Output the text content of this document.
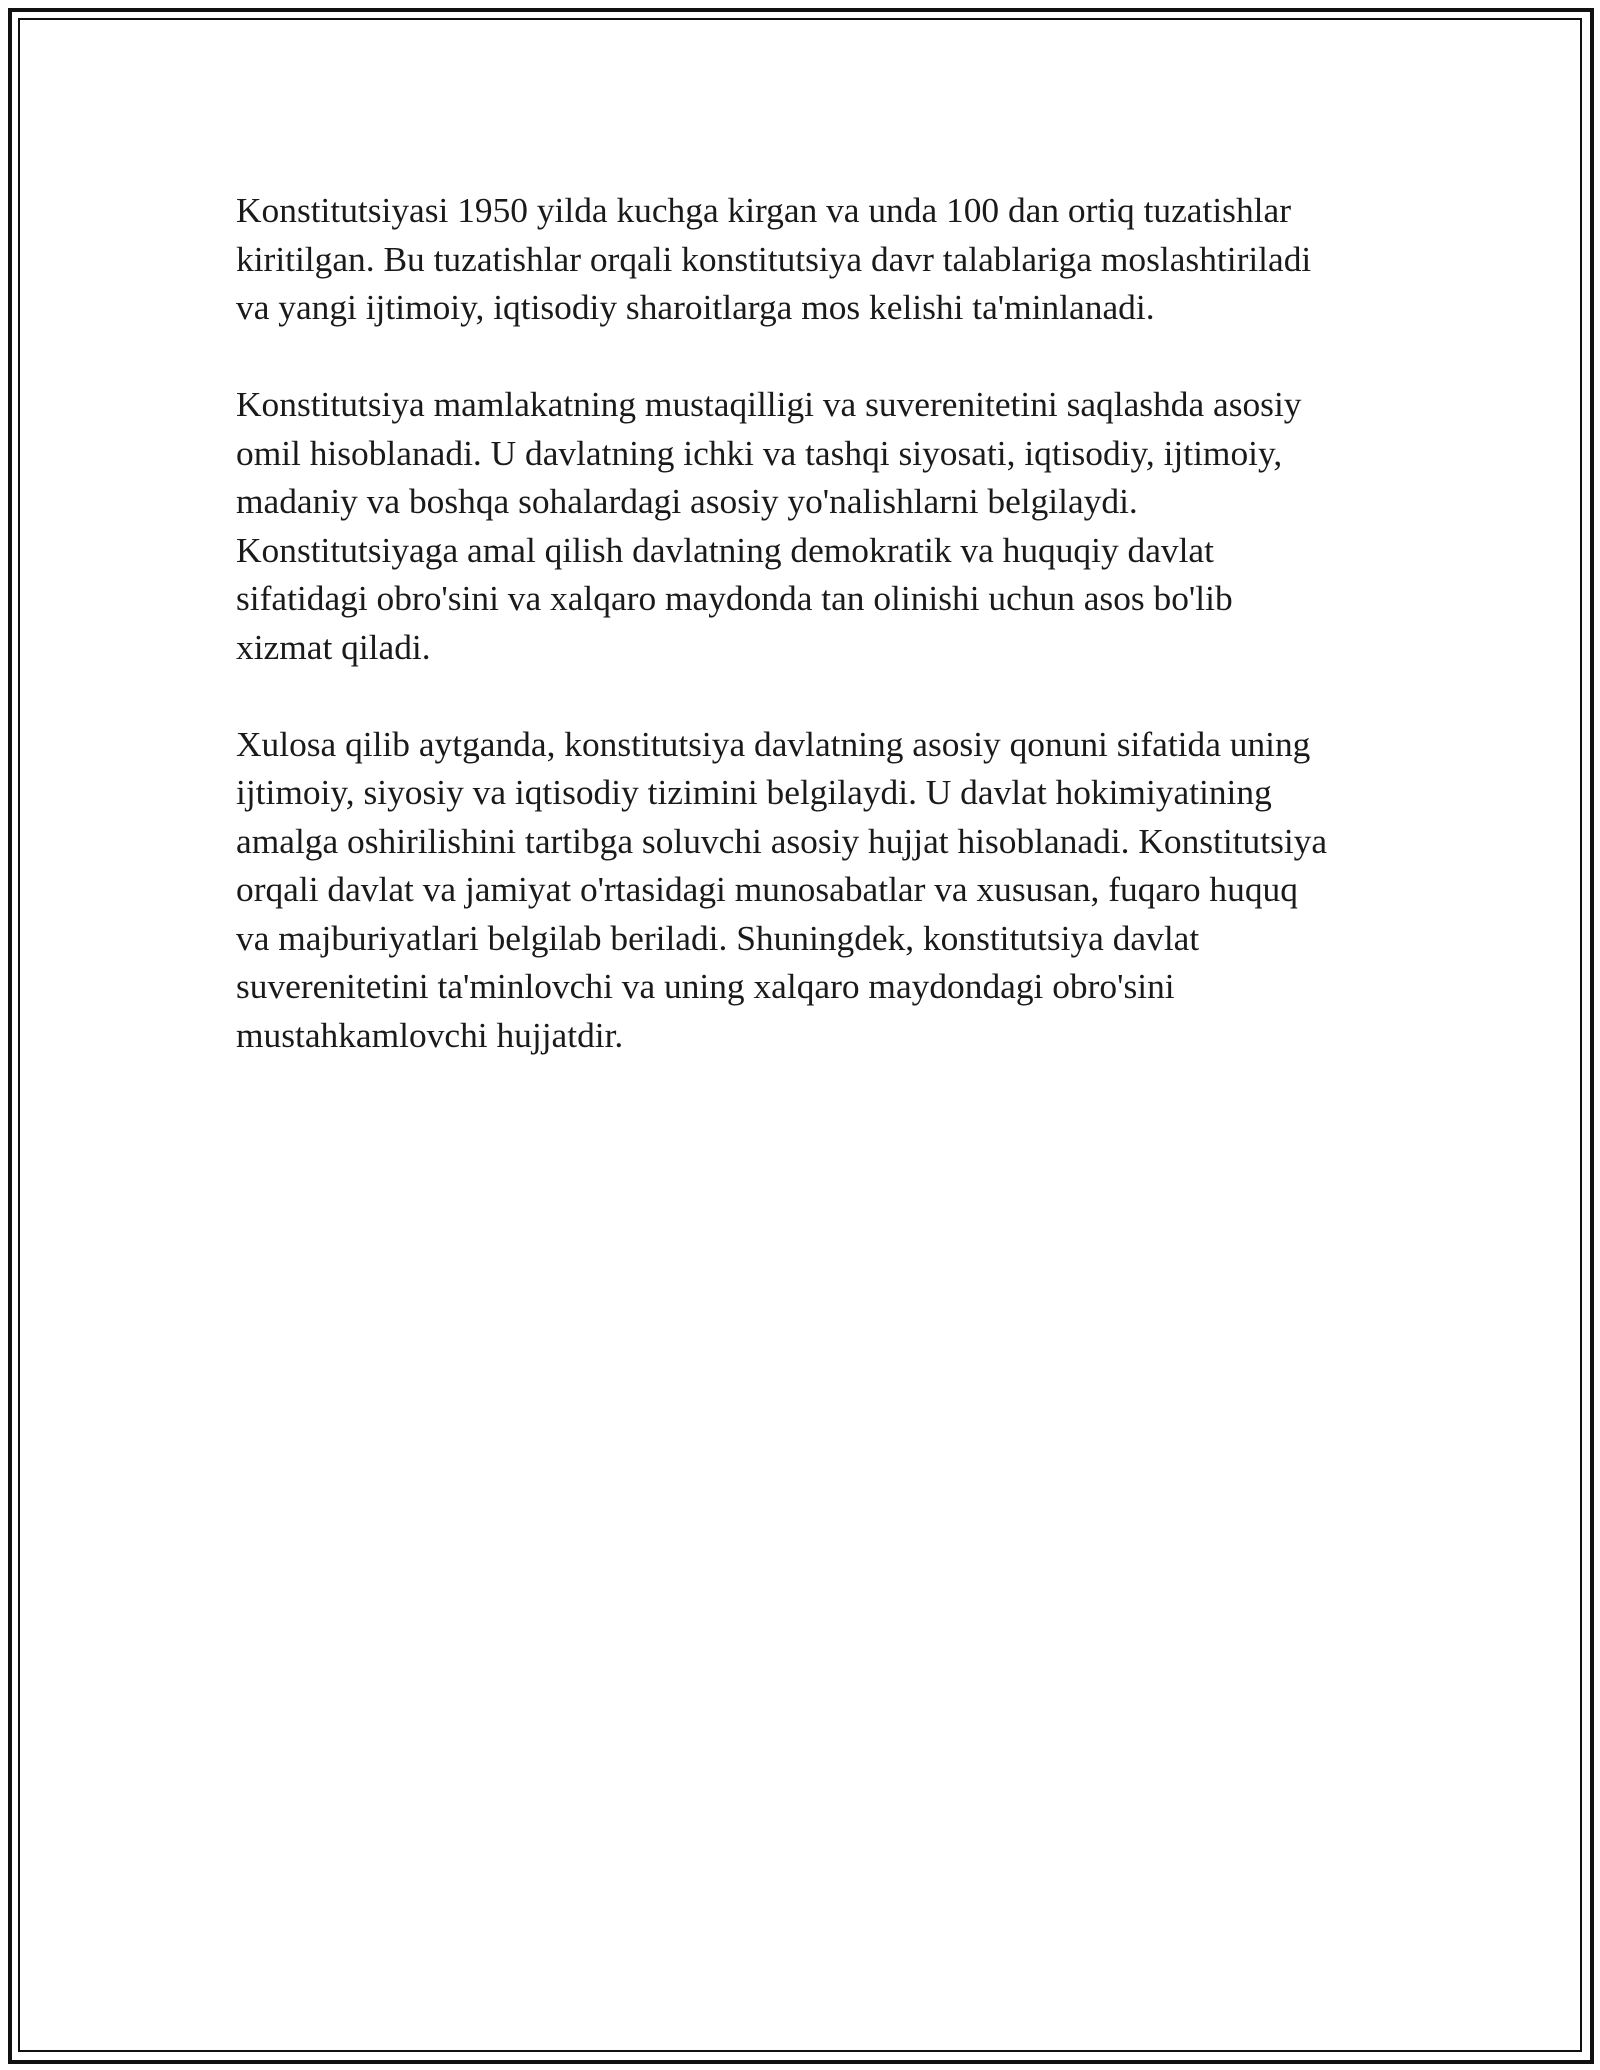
Konstitutsiyasi 1950 yilda kuchga kirgan va unda 100 dan ortiq tuzatishlar
kiritilgan. Bu tuzatishlar orqali konstitutsiya davr talablariga moslashtiriladi
va yangi ijtimoiy, iqtisodiy sharoitlarga mos kelishi ta'minlanadi.

Konstitutsiya mamlakatning mustaqilligi va suverenitetini saqlashda asosiy
omil hisoblanadi. U davlatning ichki va tashqi siyosati, iqtisodiy, ijtimoiy,
madaniy va boshqa sohalardagi asosiy yo'nalishlarni belgilaydi.
Konstitutsiyaga amal qilish davlatning demokratik va huquqiy davlat
sifatidagi obro'sini va xalqaro maydonda tan olinishi uchun asos bo'lib
xizmat qiladi.

Xulosa qilib aytganda, konstitutsiya davlatning asosiy qonuni sifatida uning
ijtimoiy, siyosiy va iqtisodiy tizimini belgilaydi. U davlat hokimiyatining
amalga oshirilishini tartibga soluvchi asosiy hujjat hisoblanadi. Konstitutsiya
orqali davlat va jamiyat o'rtasidagi munosabatlar va xususan, fuqaro huquq
va majburiyatlari belgilab beriladi. Shuningdek, konstitutsiya davlat
suverenitetini ta'minlovchi va uning xalqaro maydondagi obro'sini
mustahkamlovchi hujjatdir.
